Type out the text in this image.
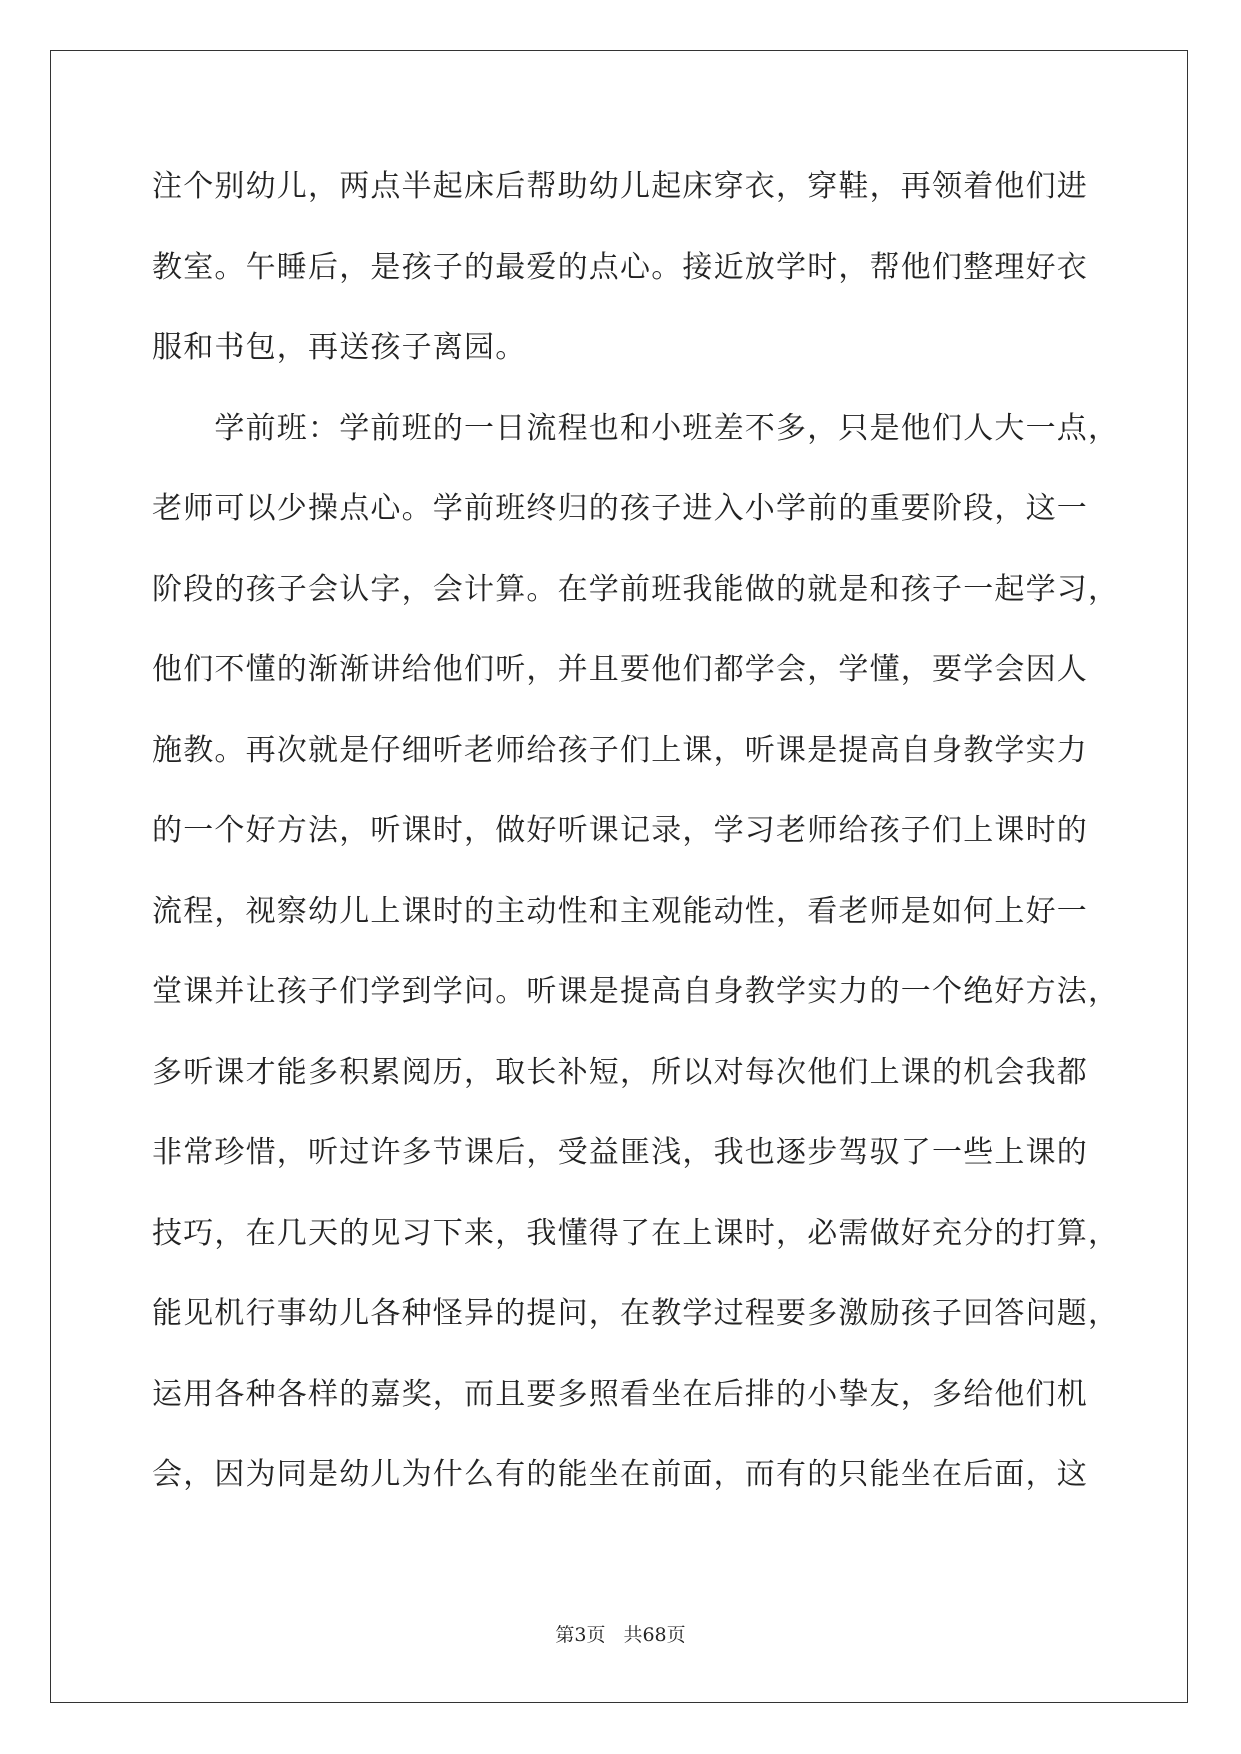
注个别幼儿，两点半起床后帮助幼儿起床穿衣，穿鞋，再领着他们进
教室。午睡后，是孩子的最爱的点心。接近放学时，帮他们整理好衣
服和书包，再送孩子离园。
　　学前班：学前班的一日流程也和小班差不多，只是他们人大一点，
老师可以少操点心。学前班终归的孩子进入小学前的重要阶段，这一
阶段的孩子会认字，会计算。在学前班我能做的就是和孩子一起学习，
他们不懂的渐渐讲给他们听，并且要他们都学会，学懂，要学会因人
施教。再次就是仔细听老师给孩子们上课，听课是提高自身教学实力
的一个好方法，听课时，做好听课记录，学习老师给孩子们上课时的
流程，视察幼儿上课时的主动性和主观能动性，看老师是如何上好一
堂课并让孩子们学到学问。听课是提高自身教学实力的一个绝好方法，
多听课才能多积累阅历，取长补短，所以对每次他们上课的机会我都
非常珍惜，听过许多节课后，受益匪浅，我也逐步驾驭了一些上课的
技巧，在几天的见习下来，我懂得了在上课时，必需做好充分的打算，
能见机行事幼儿各种怪异的提问，在教学过程要多激励孩子回答问题，
运用各种各样的嘉奖，而且要多照看坐在后排的小挚友，多给他们机
会，因为同是幼儿为什么有的能坐在前面，而有的只能坐在后面，这
第3页 共68页
